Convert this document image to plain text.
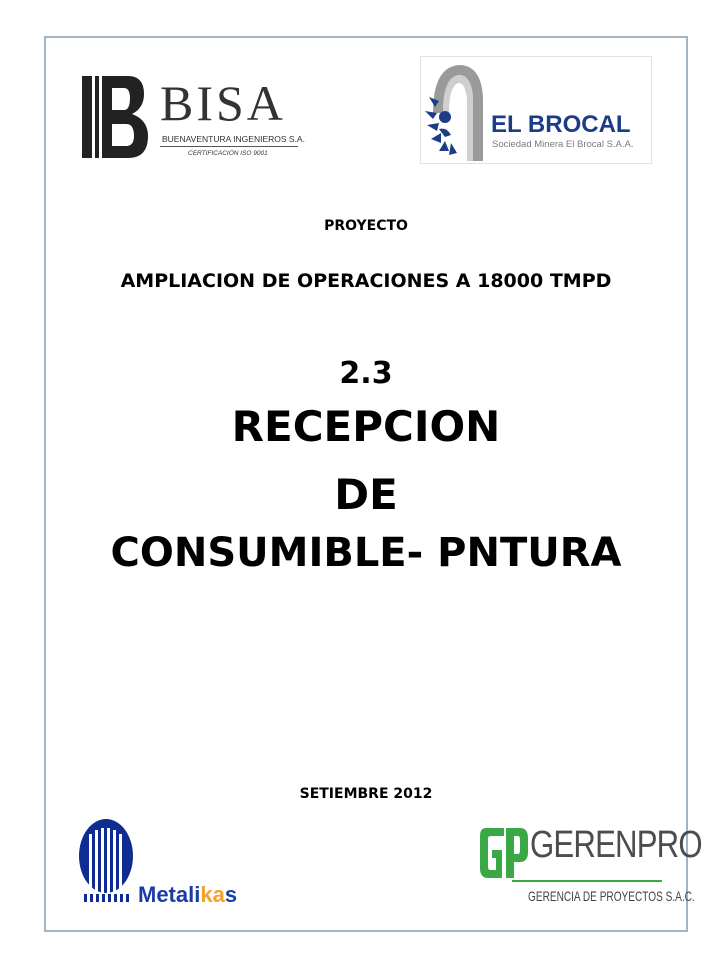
BISA
BUENAVENTURA INGENIEROS S.A.
CERTIFICACIÓN ISO 9001
EL BROCAL
Sociedad Minera El Brocal S.A.A.
PROYECTO
AMPLIACION DE OPERACIONES A 18000 TMPD
2.3
RECEPCION
DE
CONSUMIBLE- PNTURA
SETIEMBRE 2012
Metalikas
GERENPRO
GERENCIA DE PROYECTOS S.A.C.
